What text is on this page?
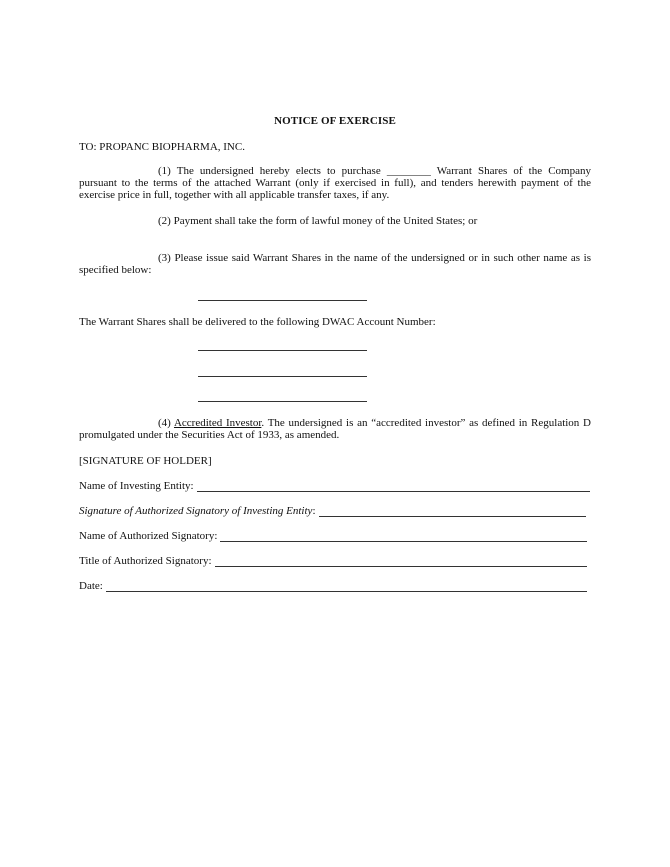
NOTICE OF EXERCISE
TO: PROPANC BIOPHARMA, INC.
(1) The undersigned hereby elects to purchase ________ Warrant Shares of the Company pursuant to the terms of the attached Warrant (only if exercised in full), and tenders herewith payment of the exercise price in full, together with all applicable transfer taxes, if any.
(2) Payment shall take the form of lawful money of the United States; or
(3) Please issue said Warrant Shares in the name of the undersigned or in such other name as is specified below:
The Warrant Shares shall be delivered to the following DWAC Account Number:
(4) Accredited Investor. The undersigned is an “accredited investor” as defined in Regulation D promulgated under the Securities Act of 1933, as amended.
[SIGNATURE OF HOLDER]
Name of Investing Entity:
Signature of Authorized Signatory of Investing Entity:
Name of Authorized Signatory:
Title of Authorized Signatory:
Date:
